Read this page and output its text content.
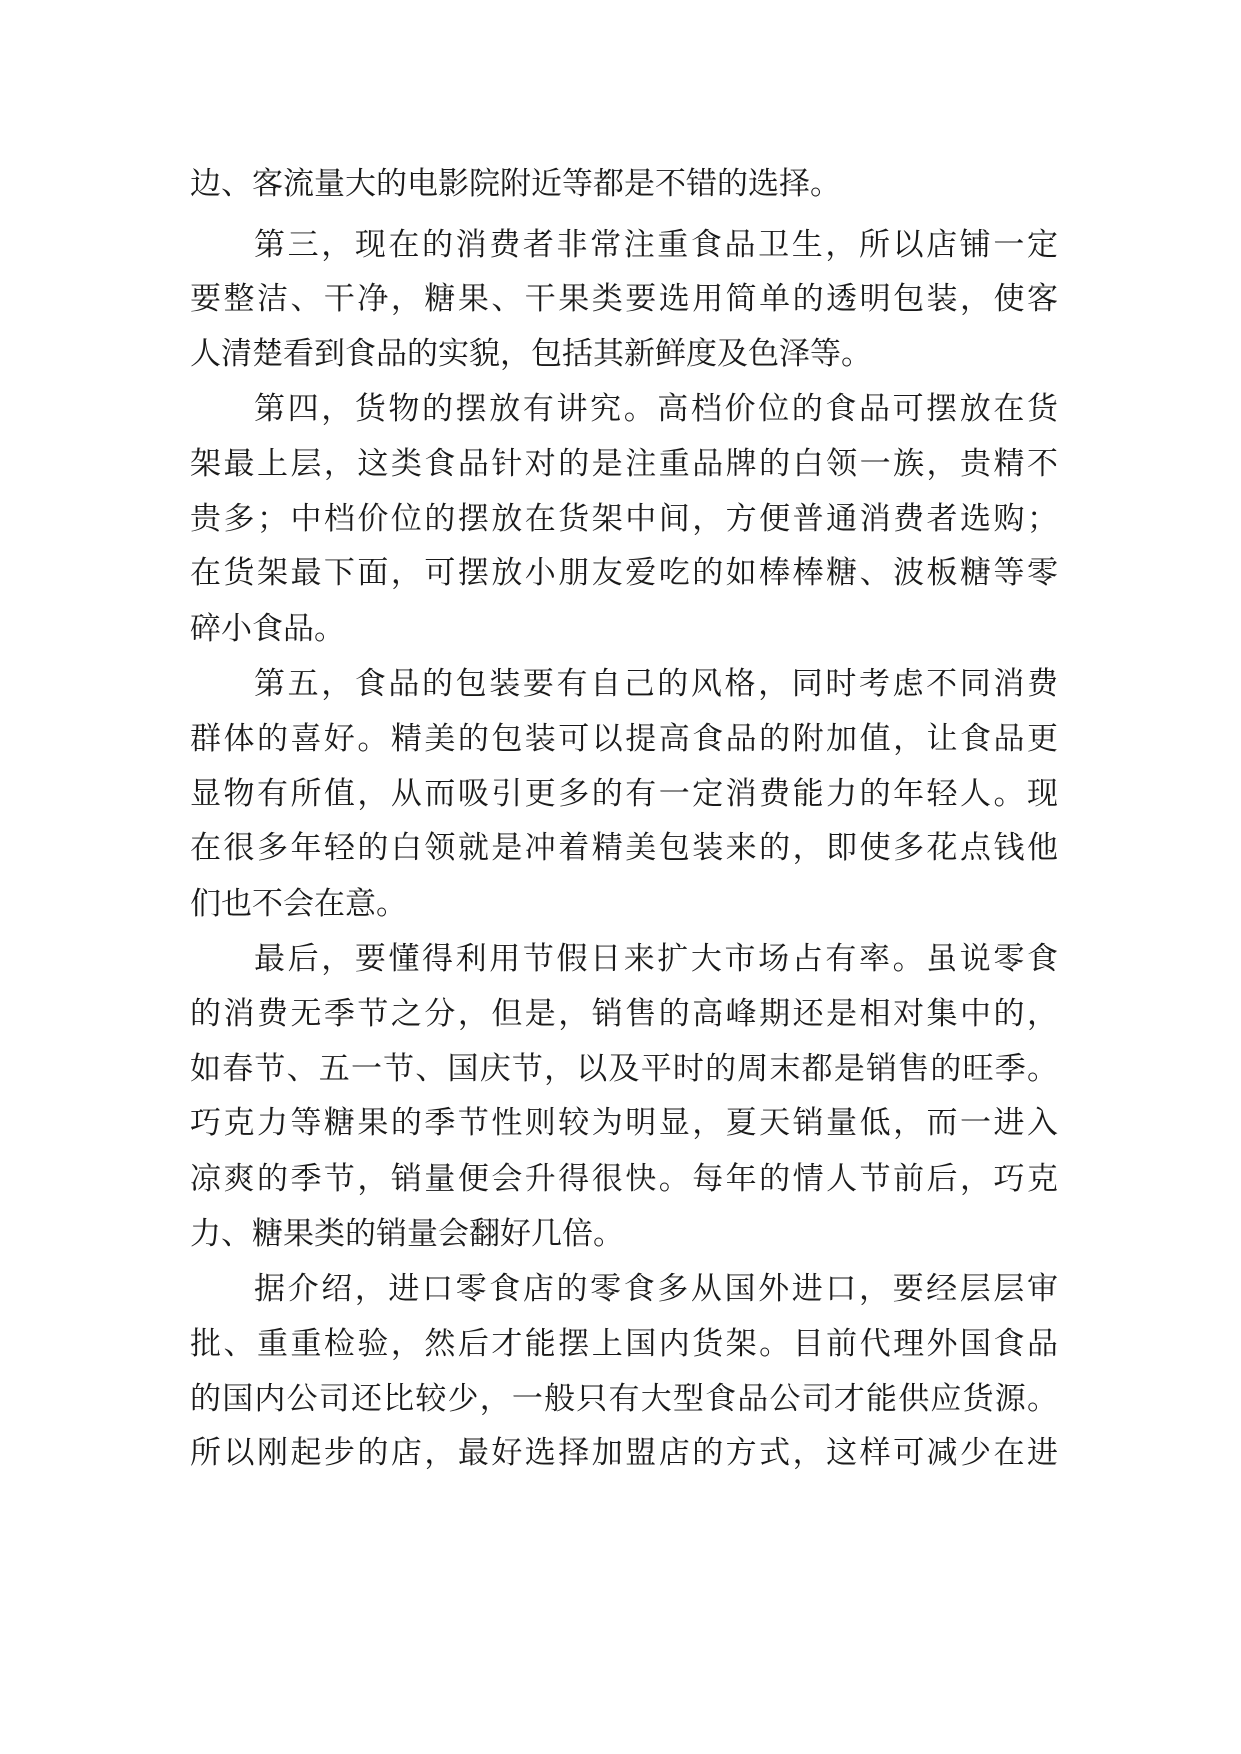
边、客流量大的电影院附近等都是不错的选择。
第三，现在的消费者非常注重食品卫生，所以店铺一定
要整洁、干净，糖果、干果类要选用简单的透明包装，使客
人清楚看到食品的实貌，包括其新鲜度及色泽等。
第四，货物的摆放有讲究。高档价位的食品可摆放在货
架最上层，这类食品针对的是注重品牌的白领一族，贵精不
贵多；中档价位的摆放在货架中间，方便普通消费者选购；
在货架最下面，可摆放小朋友爱吃的如棒棒糖、波板糖等零
碎小食品。
第五，食品的包装要有自己的风格，同时考虑不同消费
群体的喜好。精美的包装可以提高食品的附加值，让食品更
显物有所值，从而吸引更多的有一定消费能力的年轻人。现
在很多年轻的白领就是冲着精美包装来的，即使多花点钱他
们也不会在意。
最后，要懂得利用节假日来扩大市场占有率。虽说零食
的消费无季节之分，但是，销售的高峰期还是相对集中的，
如春节、五一节、国庆节，以及平时的周末都是销售的旺季。
巧克力等糖果的季节性则较为明显，夏天销量低，而一进入
凉爽的季节，销量便会升得很快。每年的情人节前后，巧克
力、糖果类的销量会翻好几倍。
据介绍，进口零食店的零食多从国外进口，要经层层审
批、重重检验，然后才能摆上国内货架。目前代理外国食品
的国内公司还比较少，一般只有大型食品公司才能供应货源。
所以刚起步的店，最好选择加盟店的方式，这样可减少在进
